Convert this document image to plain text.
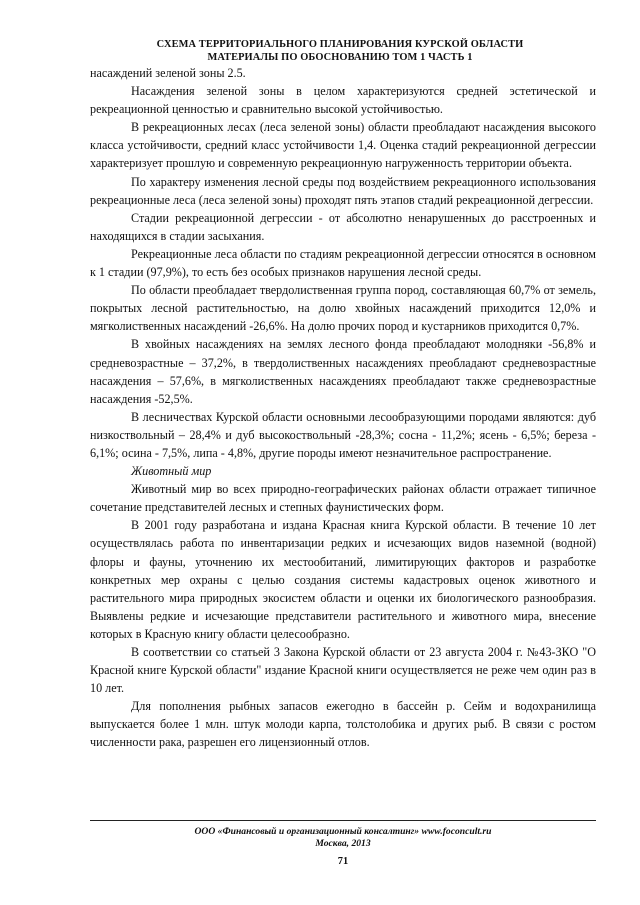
СХЕМА ТЕРРИТОРИАЛЬНОГО ПЛАНИРОВАНИЯ КУРСКОЙ ОБЛАСТИ
МАТЕРИАЛЫ ПО ОБОСНОВАНИЮ ТОМ 1 ЧАСТЬ 1

насаждений зеленой зоны 2.5.

Насаждения зеленой зоны в целом характеризуются средней эстетической и рекреационной ценностью и сравнительно высокой устойчивостью.

В рекреационных лесах (леса зеленой зоны) области преобладают насаждения высокого класса устойчивости, средний класс устойчивости 1,4. Оценка стадий рекреационной дегрессии характеризует прошлую и современную рекреационную нагруженность территории объекта.

По характеру изменения лесной среды под воздействием рекреационного использования рекреационные леса (леса зеленой зоны) проходят пять этапов стадий рекреационной дегрессии.

Стадии рекреационной дегрессии - от абсолютно ненарушенных до расстроенных и находящихся в стадии засыхания.

Рекреационные леса области по стадиям рекреационной дегрессии относятся в основном к 1 стадии (97,9%), то есть без особых признаков нарушения лесной среды.

По области преобладает твердолиственная группа пород, составляющая 60,7% от земель, покрытых лесной растительностью, на долю хвойных насаждений приходится 12,0% и мягколиственных насаждений -26,6%. На долю прочих пород и кустарников приходится 0,7%.

В хвойных насаждениях на землях лесного фонда преобладают молодняки -56,8% и средневозрастные – 37,2%, в твердолиственных насаждениях преобладают средневозрастные насаждения – 57,6%, в мягколиственных насаждениях преобладают также средневозрастные насаждения -52,5%.

В лесничествах Курской области основными лесообразующими породами являются: дуб низкоствольный – 28,4% и дуб высокоствольный -28,3%; сосна - 11,2%; ясень - 6,5%; береза - 6,1%; осина - 7,5%, липа - 4,8%, другие породы имеют незначительное распространение.

Животный мир

Животный мир во всех природно-географических районах области отражает типичное сочетание представителей лесных и степных фаунистических форм.

В 2001 году разработана и издана Красная книга Курской области. В течение 10 лет осуществлялась работа по инвентаризации редких и исчезающих видов наземной (водной) флоры и фауны, уточнению их местообитаний, лимитирующих факторов и разработке конкретных мер охраны с целью создания системы кадастровых оценок животного и растительного мира природных экосистем области и оценки их биологического разнообразия. Выявлены редкие и исчезающие представители растительного и животного мира, внесение которых в Красную книгу области целесообразно.

В соответствии со статьей 3 Закона Курской области от 23 августа 2004 г. №43-ЗКО "О Красной книге Курской области" издание Красной книги осуществляется не реже чем один раз в 10 лет.

Для пополнения рыбных запасов ежегодно в бассейн р. Сейм и водохранилища выпускается более 1 млн. штук молоди карпа, толстолобика и других рыб. В связи с ростом численности рака, разрешен его лицензионный отлов.

ООО «Финансовый и организационный консалтинг» www.foconcult.ru
Москва, 2013
71
